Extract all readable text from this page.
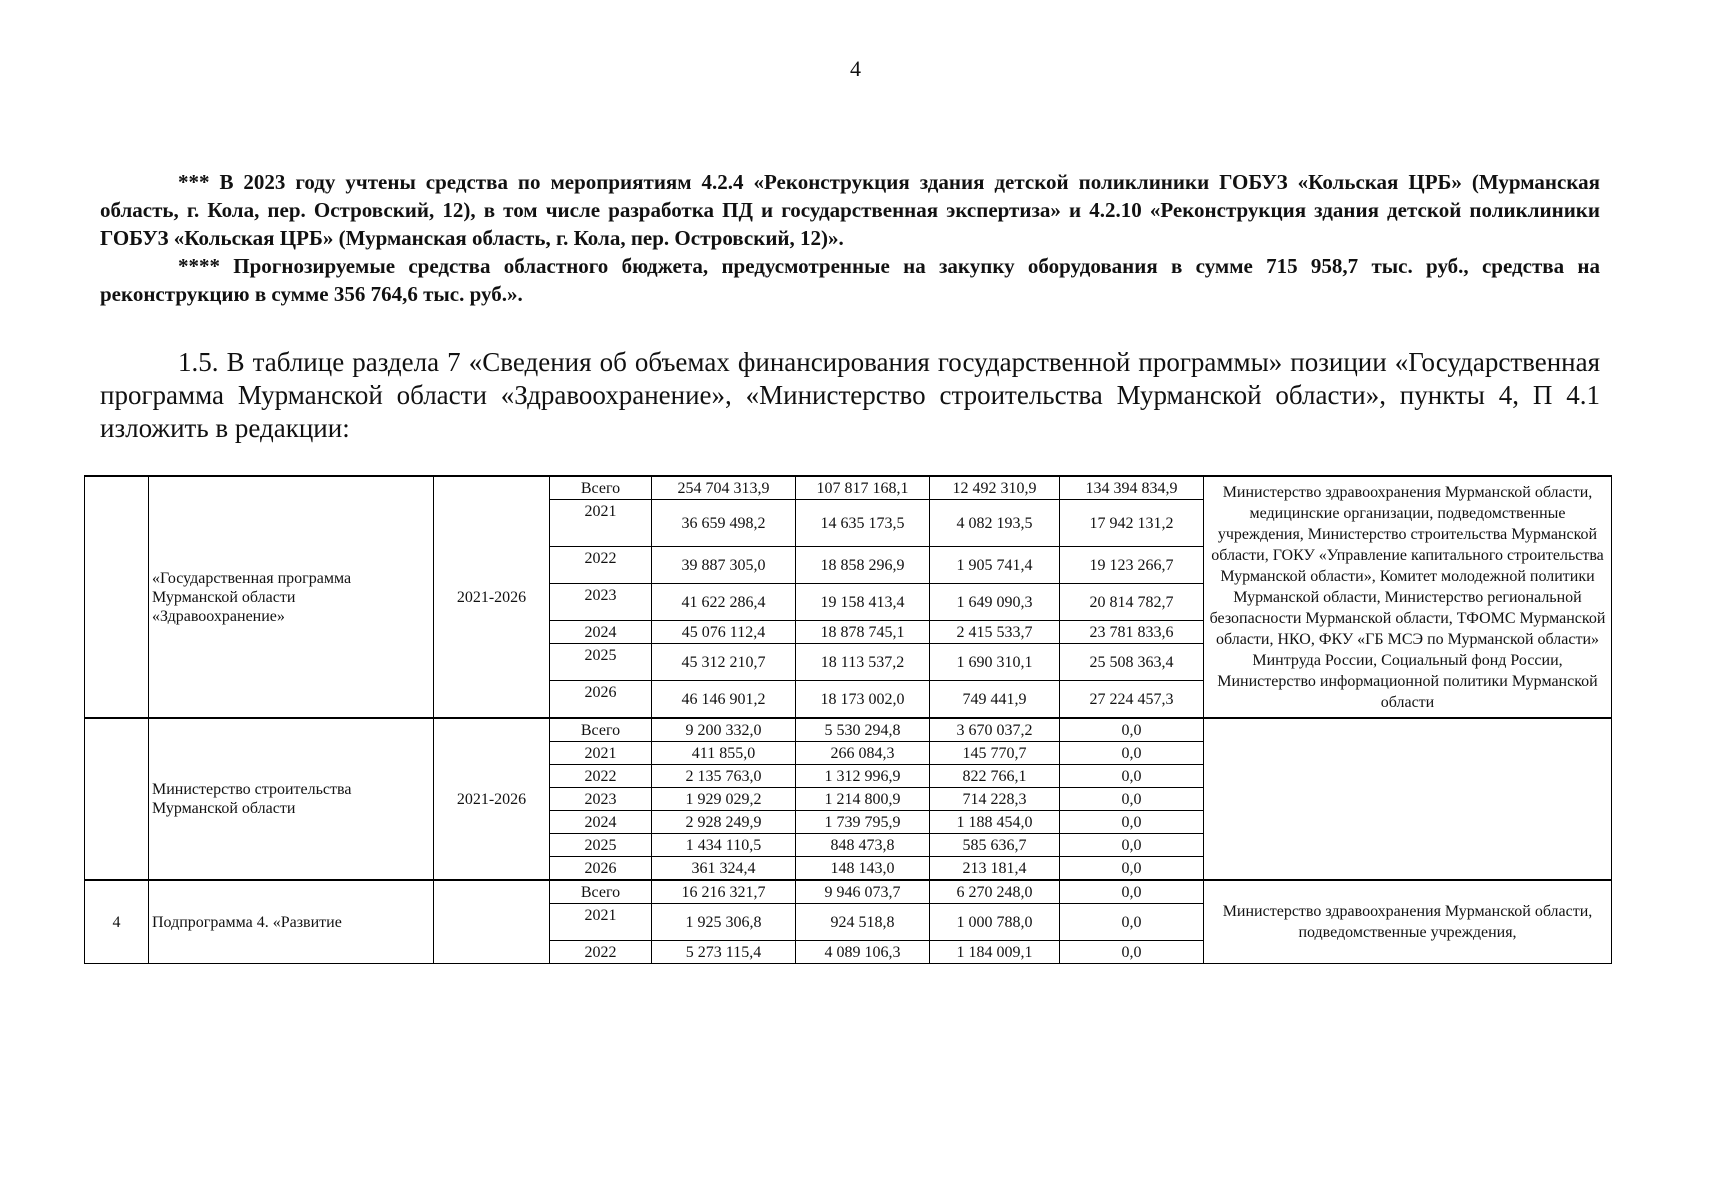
4

*** В 2023 году учтены средства по мероприятиям 4.2.4 «Реконструкция здания детской поликлиники ГОБУЗ «Кольская ЦРБ» (Мурманская область, г. Кола, пер. Островский, 12), в том числе разработка ПД и государственная экспертиза» и 4.2.10 «Реконструкция здания детской поликлиники ГОБУЗ «Кольская ЦРБ» (Мурманская область, г. Кола, пер. Островский, 12)».

**** Прогнозируемые средства областного бюджета, предусмотренные на закупку оборудования в сумме 715 958,7 тыс. руб., средства на реконструкцию в сумме 356 764,6 тыс. руб.».

1.5. В таблице раздела 7 «Сведения об объемах финансирования государственной программы» позиции «Государственная программа Мурманской области «Здравоохранение», «Министерство строительства Мурманской области», пункты 4, П 4.1 изложить в редакции:

	«Государственная программа Мурманской области «Здравоохранение»	2021-2026	Всего	254 704 313,9	107 817 168,1	12 492 310,9	134 394 834,9	Министерство здравоохранения Мурманской области, медицинские организации, подведомственные учреждения, Министерство строительства Мурманской области, ГОКУ «Управление капитального строительства Мурманской области», Комитет молодежной политики Мурманской области, Министерство региональной безопасности Мурманской области, ТФОМС Мурманской области, НКО, ФКУ «ГБ МСЭ по Мурманской области» Минтруда России, Социальный фонд России, Министерство информационной политики Мурманской области
			2021	36 659 498,2	14 635 173,5	4 082 193,5	17 942 131,2	
			2022	39 887 305,0	18 858 296,9	1 905 741,4	19 123 266,7	
			2023	41 622 286,4	19 158 413,4	1 649 090,3	20 814 782,7	
			2024	45 076 112,4	18 878 745,1	2 415 533,7	23 781 833,6	
			2025	45 312 210,7	18 113 537,2	1 690 310,1	25 508 363,4	
			2026	46 146 901,2	18 173 002,0	749 441,9	27 224 457,3	
	Министерство строительства Мурманской области	2021-2026	Всего	9 200 332,0	5 530 294,8	3 670 037,2	0,0	
			2021	411 855,0	266 084,3	145 770,7	0,0	
			2022	2 135 763,0	1 312 996,9	822 766,1	0,0	
			2023	1 929 029,2	1 214 800,9	714 228,3	0,0	
			2024	2 928 249,9	1 739 795,9	1 188 454,0	0,0	
			2025	1 434 110,5	848 473,8	585 636,7	0,0	
			2026	361 324,4	148 143,0	213 181,4	0,0	
4	Подпрограмма 4. «Развитие		Всего	16 216 321,7	9 946 073,7	6 270 248,0	0,0	Министерство здравоохранения Мурманской области, подведомственные учреждения,
			2021	1 925 306,8	924 518,8	1 000 788,0	0,0	
			2022	5 273 115,4	4 089 106,3	1 184 009,1	0,0	
